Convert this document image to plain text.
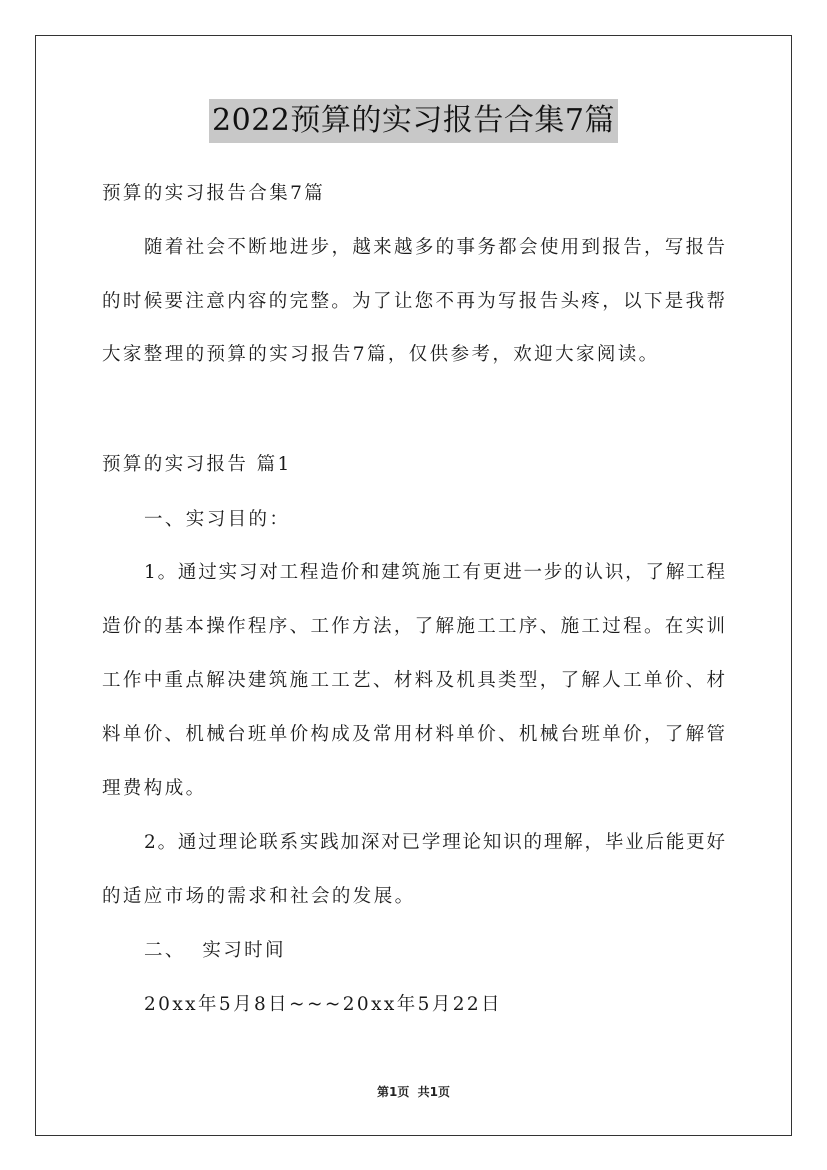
2022预算的实习报告合集7篇
预算的实习报告合集7篇
随着社会不断地进步，越来越多的事务都会使用到报告，写报告
的时候要注意内容的完整。为了让您不再为写报告头疼，以下是我帮
大家整理的预算的实习报告7篇，仅供参考，欢迎大家阅读。
预算的实习报告 篇1
一、实习目的：
1。通过实习对工程造价和建筑施工有更进一步的认识，了解工程
造价的基本操作程序、工作方法，了解施工工序、施工过程。在实训
工作中重点解决建筑施工工艺、材料及机具类型，了解人工单价、材
料单价、机械台班单价构成及常用材料单价、机械台班单价，了解管
理费构成。
2。通过理论联系实践加深对已学理论知识的理解，毕业后能更好
的适应市场的需求和社会的发展。
二、  实习时间
20xx年5月8日~~~20xx年5月22日
第1页  共1页
